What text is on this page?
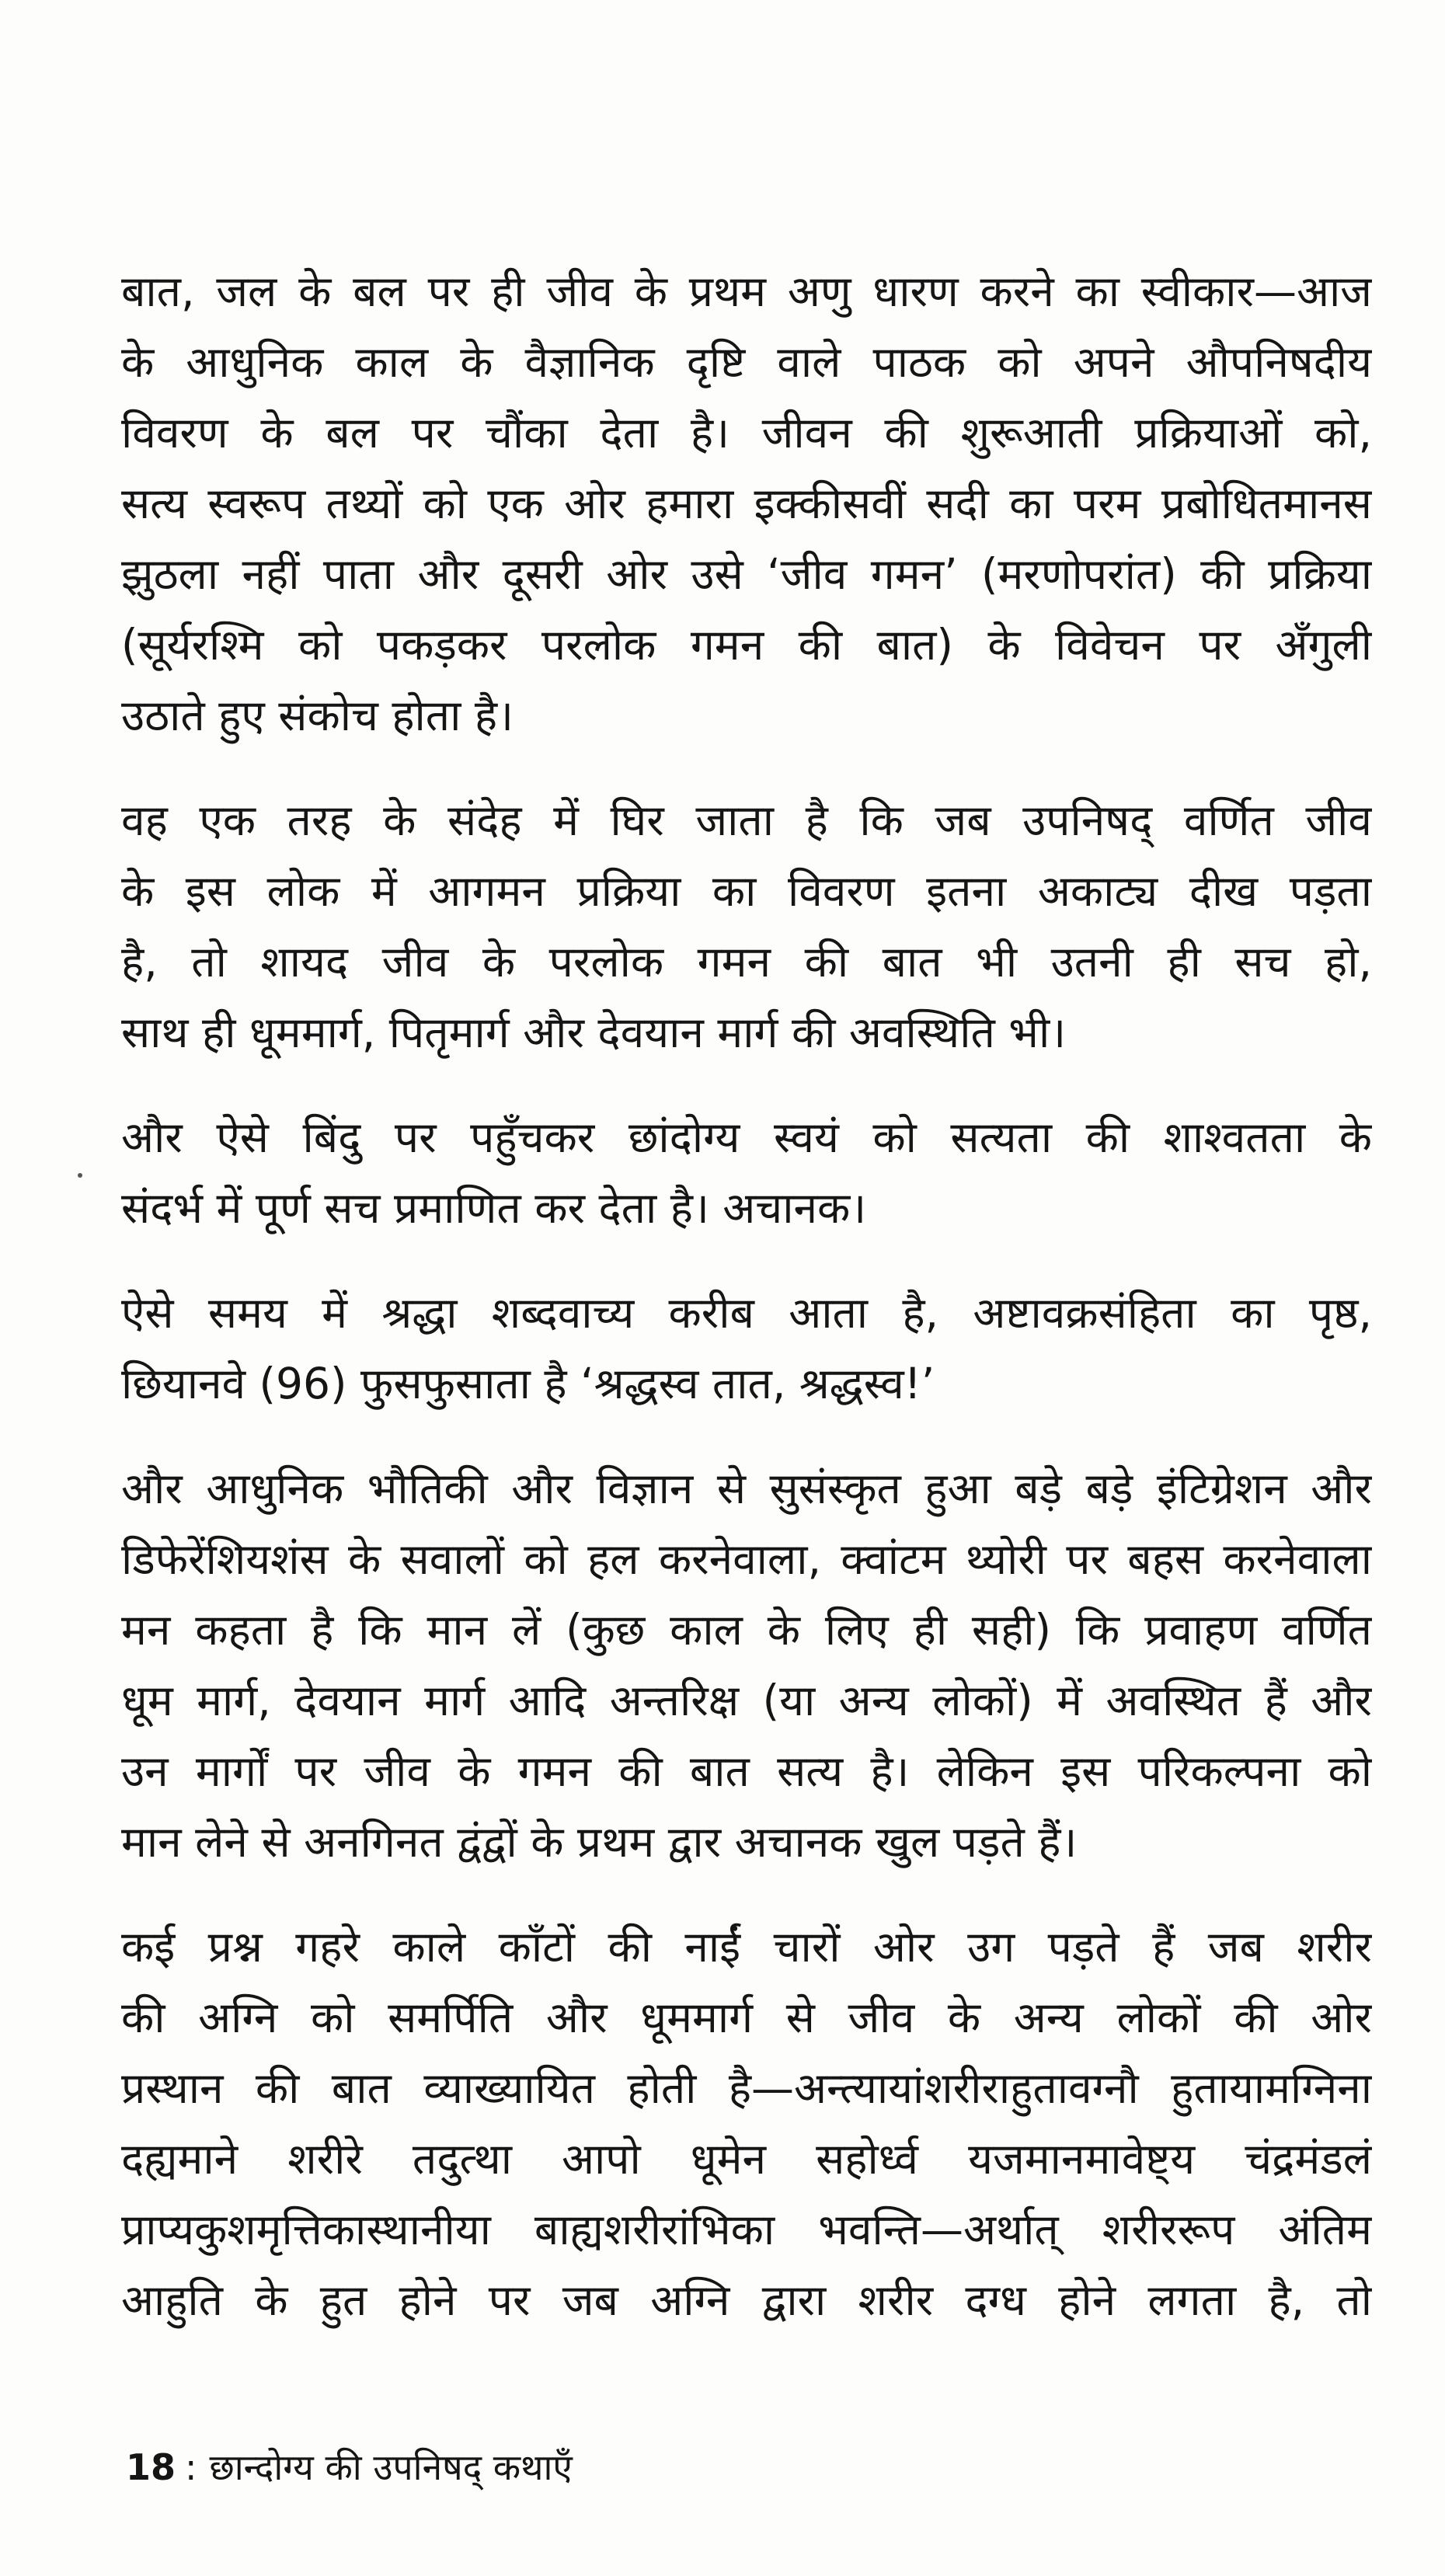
बात, जल के बल पर ही जीव के प्रथम अणु धारण करने का स्वीकार—आज
के आधुनिक काल के वैज्ञानिक दृष्टि वाले पाठक को अपने औपनिषदीय
विवरण के बल पर चौंका देता है। जीवन की शुरूआती प्रक्रियाओं को,
सत्य स्वरूप तथ्यों को एक ओर हमारा इक्कीसवीं सदी का परम प्रबोधितमानस
झुठला नहीं पाता और दूसरी ओर उसे ‘जीव गमन’ (मरणोपरांत) की प्रक्रिया
(सूर्यरश्मि को पकड़कर परलोक गमन की बात) के विवेचन पर अँगुली
उठाते हुए संकोच होता है।
वह एक तरह के संदेह में घिर जाता है कि जब उपनिषद् वर्णित जीव
के इस लोक में आगमन प्रक्रिया का विवरण इतना अकाट्य दीख पड़ता
है, तो शायद जीव के परलोक गमन की बात भी उतनी ही सच हो,
साथ ही धूममार्ग, पितृमार्ग और देवयान मार्ग की अवस्थिति भी।
और ऐसे बिंदु पर पहुँचकर छांदोग्य स्वयं को सत्यता की शाश्वतता के
संदर्भ में पूर्ण सच प्रमाणित कर देता है। अचानक।
ऐसे समय में श्रद्धा शब्दवाच्य करीब आता है, अष्टावक्रसंहिता का पृष्ठ,
छियानवे (96) फुसफुसाता है ‘श्रद्धस्व तात, श्रद्धस्व!’
और आधुनिक भौतिकी और विज्ञान से सुसंस्कृत हुआ बड़े बड़े इंटिग्रेशन और
डिफेरेंशियशंस के सवालों को हल करनेवाला, क्वांटम थ्योरी पर बहस करनेवाला
मन कहता है कि मान लें (कुछ काल के लिए ही सही) कि प्रवाहण वर्णित
धूम मार्ग, देवयान मार्ग आदि अन्तरिक्ष (या अन्य लोकों) में अवस्थित हैं और
उन मार्गों पर जीव के गमन की बात सत्य है। लेकिन इस परिकल्पना को
मान लेने से अनगिनत द्वंद्वों के प्रथम द्वार अचानक खुल पड़ते हैं।
कई प्रश्न गहरे काले काँटों की नाईं चारों ओर उग पड़ते हैं जब शरीर
की अग्नि को समर्पिति और धूममार्ग से जीव के अन्य लोकों की ओर
प्रस्थान की बात व्याख्यायित होती है—अन्त्यायांशरीराहुतावग्नौ हुतायामग्निना
दह्यमाने शरीरे तदुत्था आपो धूमेन सहोर्ध्व यजमानमावेष्ट्य चंद्रमंडलं
प्राप्यकुशमृत्तिकास्थानीया बाह्यशरीरांभिका भवन्ति—अर्थात् शरीररूप अंतिम
आहुति के हुत होने पर जब अग्नि द्वारा शरीर दग्ध होने लगता है, तो
18 : छान्दोग्य की उपनिषद् कथाएँ
